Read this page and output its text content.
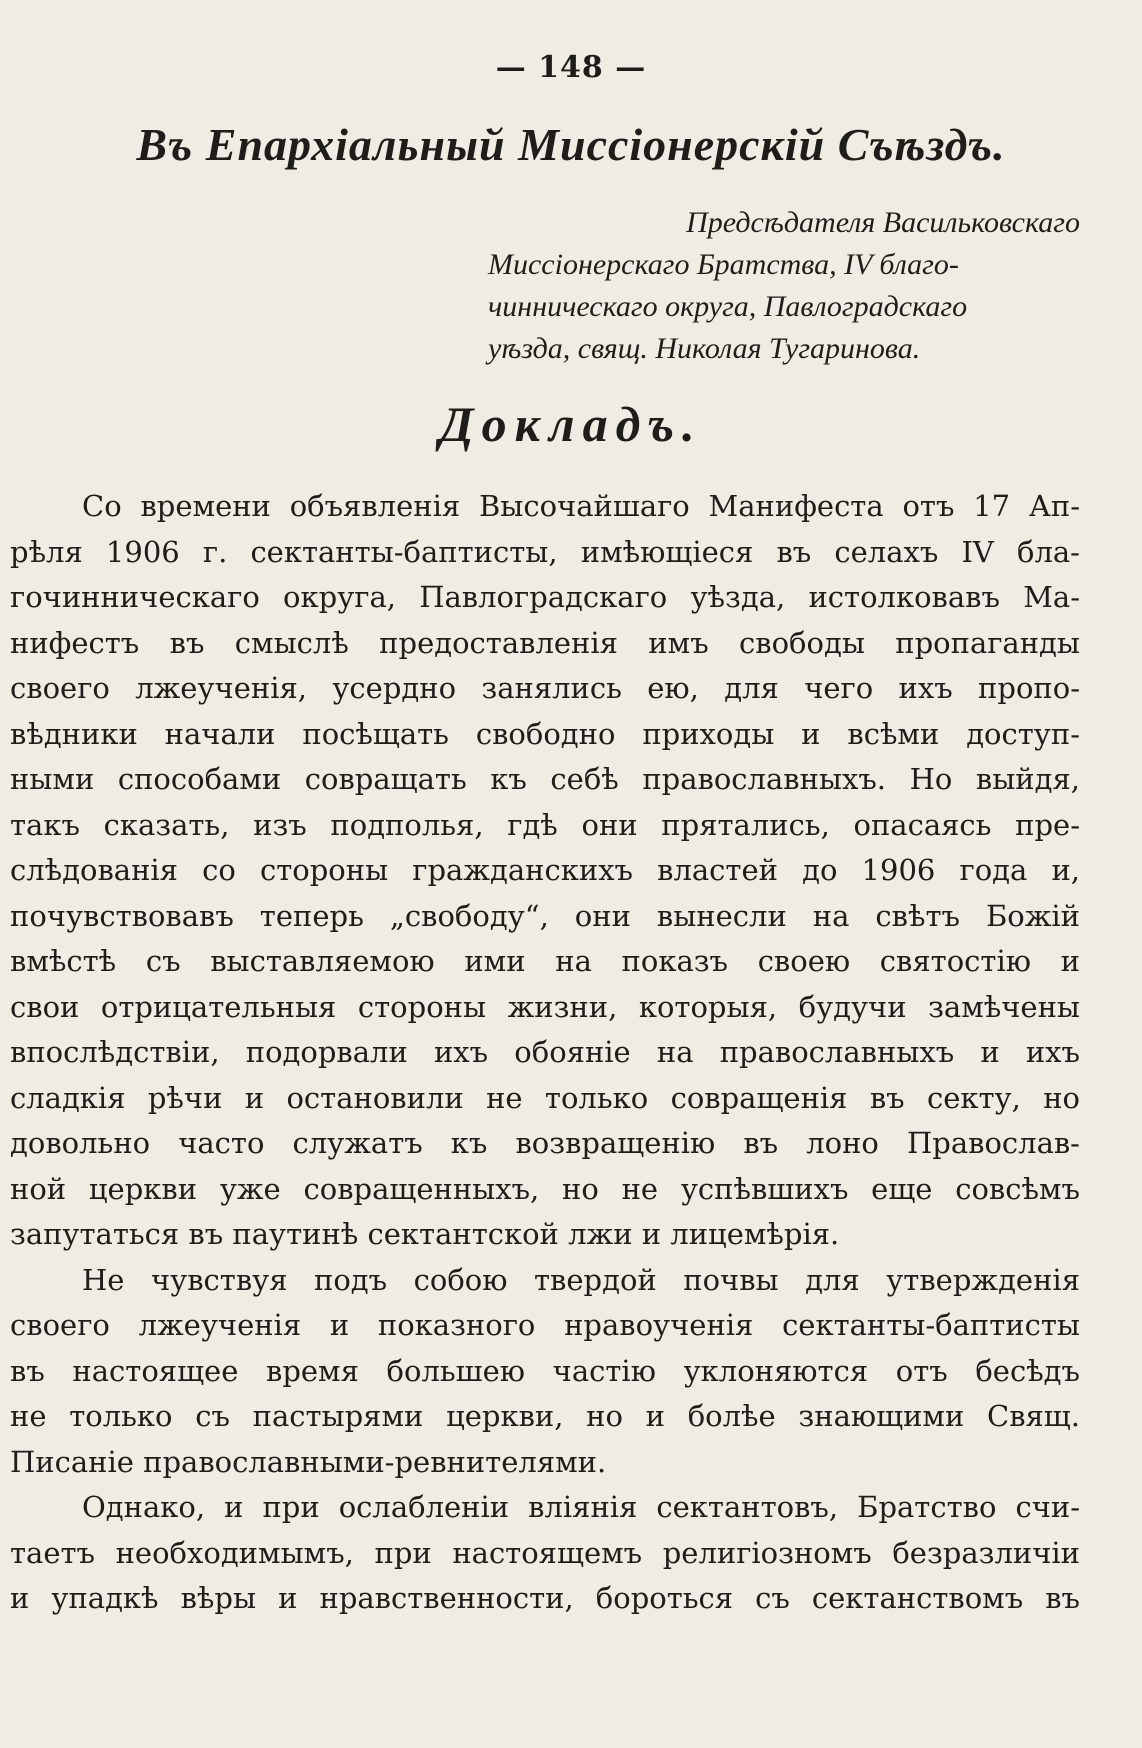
— 148 —
Въ Епархіальный Миссіонерскій Съѣздъ.
Предсѣдателя Васильковскаго
Миссіонерскаго Братства, IV благо-
чинническаго округа, Павлоградскаго
уѣзда, свящ. Николая Тугаринова.
Докладъ.
Со времени объявленія Высочайшаго Манифеста отъ 17 Ап-
рѣля 1906 г. сектанты-баптисты, имѣющіеся въ селахъ IV бла-
гочинническаго округа, Павлоградскаго уѣзда, истолковавъ Ма-
нифестъ въ смыслѣ предоставленія имъ свободы пропаганды
своего лжеученія, усердно занялись ею, для чего ихъ пропо-
вѣдники начали посѣщать свободно приходы и всѣми доступ-
ными способами совращать къ себѣ православныхъ. Но выйдя,
такъ сказать, изъ подполья, гдѣ они прятались, опасаясь пре-
слѣдованія со стороны гражданскихъ властей до 1906 года и,
почувствовавъ теперь „свободу“, они вынесли на свѣтъ Божій
вмѣстѣ съ выставляемою ими на показъ своею святостію и
свои отрицательныя стороны жизни, которыя, будучи замѣчены
впослѣдствіи, подорвали ихъ обояніе на православныхъ и ихъ
сладкія рѣчи и остановили не только совращенія въ секту, но
довольно часто служатъ къ возвращенію въ лоно Православ-
ной церкви уже совращенныхъ, но не успѣвшихъ еще совсѣмъ
запутаться въ паутинѣ сектантской лжи и лицемѣрія.
Не чувствуя подъ собою твердой почвы для утвержденія
своего лжеученія и показного нравоученія сектанты-баптисты
въ настоящее время большею частію уклоняются отъ бесѣдъ
не только съ пастырями церкви, но и болѣе знающими Свящ.
Писаніе православными-ревнителями.
Однако, и при ослабленіи вліянія сектантовъ, Братство счи-
таетъ необходимымъ, при настоящемъ религіозномъ безразличіи
и упадкѣ вѣры и нравственности, бороться съ сектанствомъ въ
